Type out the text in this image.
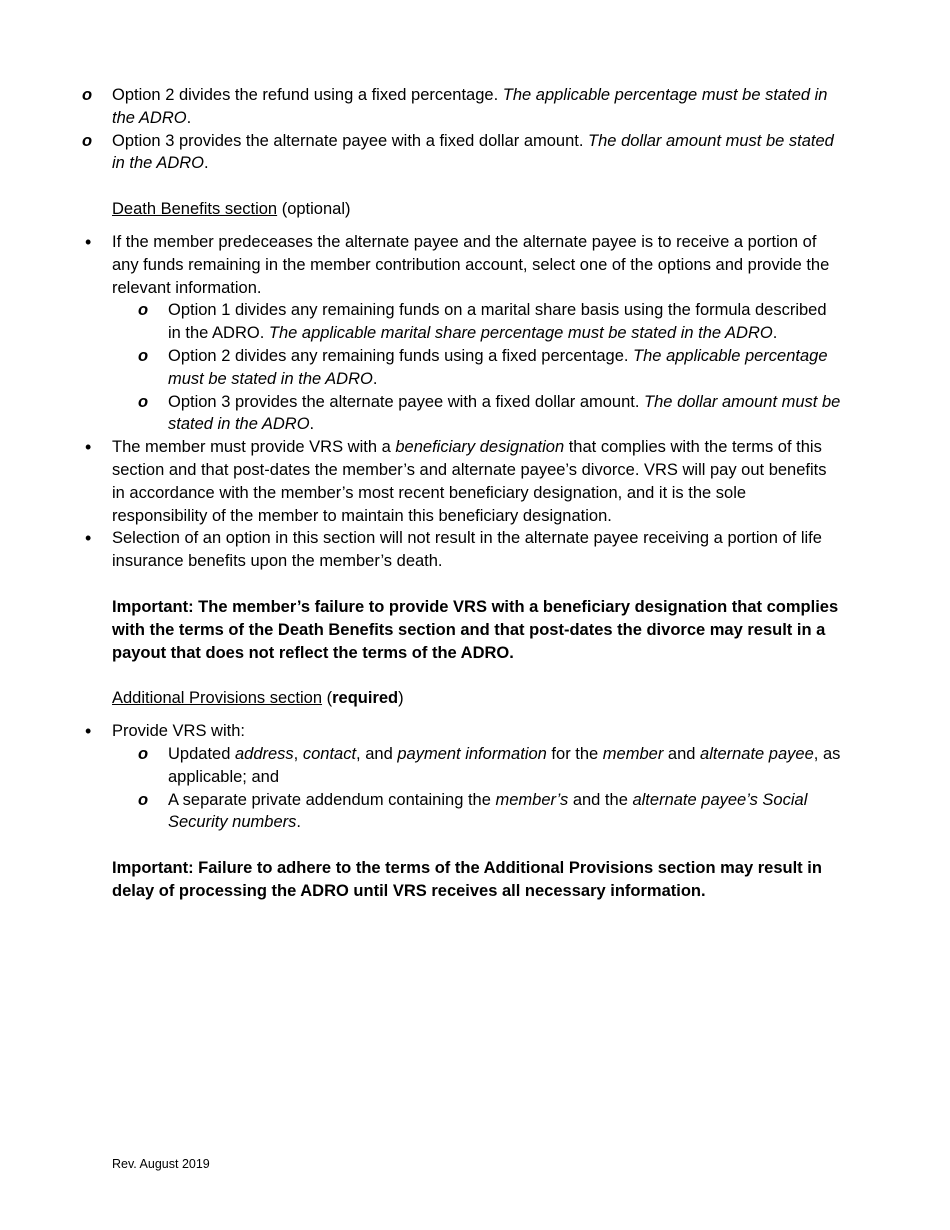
o Option 2 divides the refund using a fixed percentage. The applicable percentage must be stated in the ADRO.
o Option 3 provides the alternate payee with a fixed dollar amount. The dollar amount must be stated in the ADRO.

Death Benefits section (optional)

• If the member predeceases the alternate payee and the alternate payee is to receive a portion of any funds remaining in the member contribution account, select one of the options and provide the relevant information.
o Option 1 divides any remaining funds on a marital share basis using the formula described in the ADRO. The applicable marital share percentage must be stated in the ADRO.
o Option 2 divides any remaining funds using a fixed percentage. The applicable percentage must be stated in the ADRO.
o Option 3 provides the alternate payee with a fixed dollar amount. The dollar amount must be stated in the ADRO.
• The member must provide VRS with a beneficiary designation that complies with the terms of this section and that post-dates the member’s and alternate payee’s divorce. VRS will pay out benefits in accordance with the member’s most recent beneficiary designation, and it is the sole responsibility of the member to maintain this beneficiary designation.
• Selection of an option in this section will not result in the alternate payee receiving a portion of life insurance benefits upon the member’s death.

Important: The member’s failure to provide VRS with a beneficiary designation that complies with the terms of the Death Benefits section and that post-dates the divorce may result in a payout that does not reflect the terms of the ADRO.

Additional Provisions section (required)

• Provide VRS with:
o Updated address, contact, and payment information for the member and alternate payee, as applicable; and
o A separate private addendum containing the member’s and the alternate payee’s Social Security numbers.

Important: Failure to adhere to the terms of the Additional Provisions section may result in delay of processing the ADRO until VRS receives all necessary information.

Rev. August 2019
